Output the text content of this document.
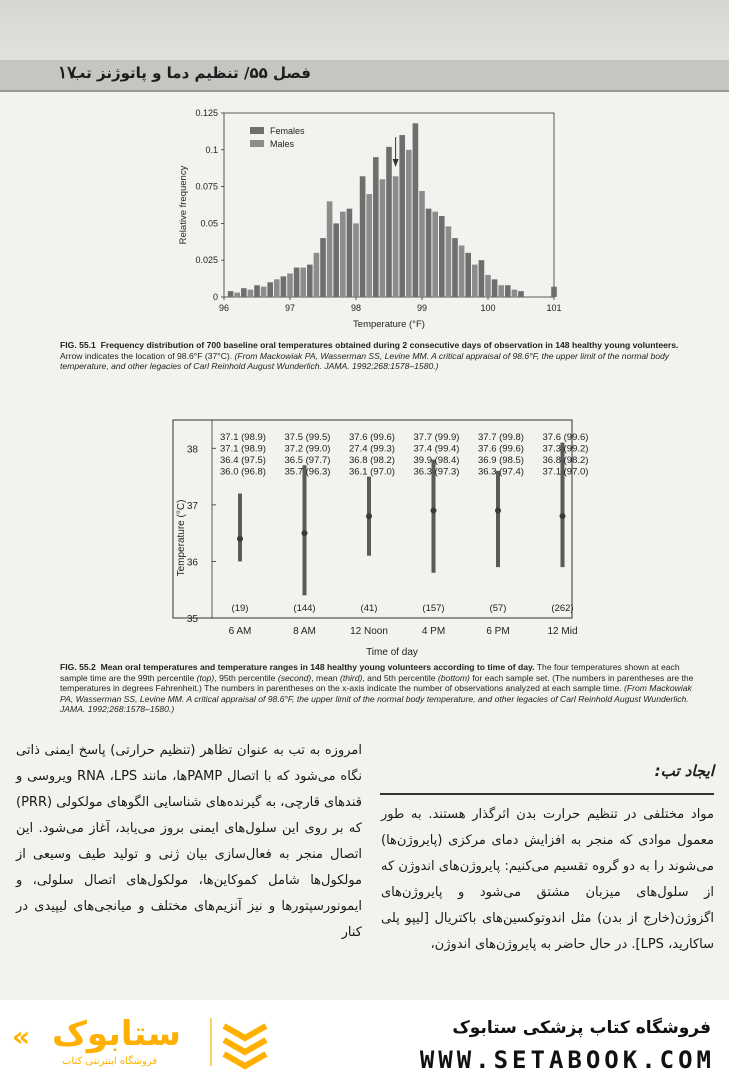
۱۷
فصل ۵۵/ تنظیم دما و پاتوژنز تب
0
0.025
0.05
0.075
0.1
0.125
96	97	98	99	100	101
Females
Males
Temperature (°F)
Relative frequency
FIG. 55.1 Frequency distribution of 700 baseline oral temperatures obtained during 2 consecutive days of observation in 148 healthy young volunteers. Arrow indicates the location of 98.6°F (37°C). (From Mackowiak PA, Wasserman SS, Levine MM. A critical appraisal of 98.6°F, the upper limit of the normal body temperature, and other legacies of Carl Reinhold August Wunderlich. JAMA. 1992;268:1578–1580.)
35
36
37
38
37.1 (98.9)
37.1 (98.9)
36.4 (97.5)
36.0 (96.8)
(19)
6 AM
37.5 (99.5)
37.2 (99.0)
36.5 (97.7)
35.7 (96.3)
(144)
8 AM
37.6 (99.6)
27.4 (99.3)
36.8 (98.2)
36.1 (97.0)
(41)
12 Noon
37.7 (99.9)
37.4 (99.4)
39.9 (98.4)
36.3 (97.3)
(157)
4 PM
37.7 (99.8)
37.6 (99.6)
36.9 (98.5)
36.3 (97.4)
(57)
6 PM
37.6 (99.6)
37.3 (99.2)
36.8 (98.2)
37.1 (97.0)
(262)
12 Mid
Time of day
Temperature (°C)
FIG. 55.2 Mean oral temperatures and temperature ranges in 148 healthy young volunteers according to time of day. The four temperatures shown at each sample time are the 99th percentile (top), 95th percentile (second), mean (third), and 5th percentile (bottom) for each sample set. (The numbers in parentheses are the temperatures in degrees Fahrenheit.) The numbers in parentheses on the x-axis indicate the number of observations analyzed at each sample time. (From Mackowiak PA, Wasserman SS, Levine MM. A critical appraisal of 98.6°F, the upper limit of the normal body temperature, and other legacies of Carl Reinhold August Wunderlich. JAMA. 1992;268:1578–1580.)
ایجاد تب:
مواد مختلفی در تنظیم حرارت بدن اثرگذار هستند. به طور معمول موادی که منجر به افزایش دمای مرکزی (پایروژن‌ها) می‌شوند را به دو گروه تقسیم می‌کنیم: پایروژن‌های اندوژن که از سلول‌های میزبان مشتق می‌شود و پایروژن‌های اگزوژن(خارج از بدن) مثل اندوتوکسین‌های باکتریال [لیپو پلی ساکارید، LPS]. در حال حاضر به پایروژن‌های اندوژن،
امروزه به تب به عنوان تظاهر (تنظیم حرارتی) پاسخ ایمنی ذاتی نگاه می‌شود که با اتصال PAMPها، مانند RNA ،LPS ویروسی و قندهای قارچی، به گیرنده‌های شناسایی الگوهای مولکولی (PRR) که بر روی این سلول‌های ایمنی بروز می‌یابد، آغاز می‌شود. این اتصال منجر به فعال‌سازی بیان ژنی و تولید طیف وسیعی از مولکول‌ها شامل کموکاین‌ها، مولکول‌های اتصال سلولی، و ایمونورسپتورها و نیز آنزیم‌های مختلف و میانجی‌های لیپیدی در کنار
« ستابوک
فروشگاه اینترنتی کتاب
فروشگاه کتاب پزشکی ستابوک
WWW.SETABOOK.COM
